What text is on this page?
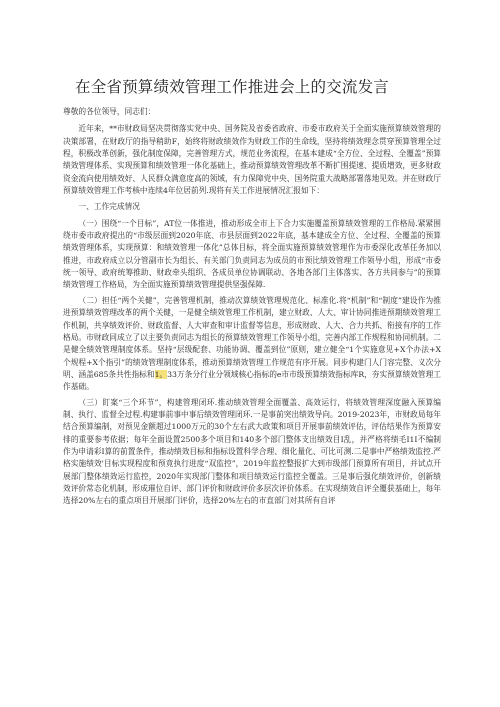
在全省预算绩效管理工作推进会上的交流发言

尊敬的各位领导，同志们：

近年来，**市财政局坚决贯彻落实党中央、国务院及省委省政府、市委市政府关于全面实施预算绩效管理的决策部署，在财政厅的指导稍助F，始终将财政绩效作为财政工作的生命线，坚持将绩效理念贯穿预算管理全过程，积极改革创新，强化制度保障，完善管理方式，规范业务流程，在基本建成“全方位、全过程、全覆盖”预算绩效管理体系、实现预算和绩效管理一体化基础上，推动预算绩效管理改革不断扩围提速、提质增效，更多财政资金流向使用绩效好、人民群众满意度高的领域，有力保障党中央、国务院重大战略部署落地见效。并在财政厅预算绩效管理工作考核中连续4年位居前列.现将有关工作进展情况汇报如下：

一、工作完成情况

（一）围绕“一个目标”，AT位一体推进，推动形成全市上下合力实施覆盖预算绩效管理的工作格局.紧紧围绕市委市政府提出的“市级层面到2020年底、市县层面到2022年底，基本建成全方位、全过程、全覆盖的预算绩效管理体系，实现预算：和绩效管理一体化”总体目标，将全面实施预算绩效管理作为市委深化改革任务加以推进，市政府成立以分管副市长为组长、有关部门负责同志为成员的市预比绩效管理工作领导小组，形成“市委统一领导、政府统筹推助、财政牵头组织、各成员单位协调联动、各地各部门主体落实、各方共同参与”的预算绩效管理工作格局，为全面实施预算绩效管理提供坚强保障.

（二）担任“两个关健”，完善管理机制，推动次算绩效管理规范化、标准化.将“机制”和“制度”建设作为推进预算绩效管理改革的两个关健，一是健全绩效管理工作机制，建立财政、人大、审计协同推进预期绩效管理工作机制，共享绩效评价、财政监督、人大审查和审计监督等信息，形成财政、人大、合力共抓、衔接有序的工作格局。市财政同成立了以主要负责同志为组长的预算绩效管理工作领导小组，完善内部工作规程和协同机制。二是健全绩效管理制度体系。坚持“层级配套、功能协调、覆盖到位”原则，建立健全“1个实施意见+X个办法+X个规程+X个指引”的绩效管理制度体系，推动预算绩效管理工作规范有序开展。同步构建门人门容完整、义次分明、涵盖685条共性指标和1。33万条分行业分领域核心指标的e市市级预算绩效指标库R，夯实预算绩效管理工作基础。

（三）盯案“三个环节”，构建管理闭环.推动绩效管理全面覆盖、高效运行，将绩效管理深度融入预算编制、执行、监督全过程.构建事前事中事后绩效管理闭环.一是事前突出绩效导向。2019-2023年，市财政局每年结合预算编制，对预见金额超过1000万元的30个左右武大政策和项目开展事前绩效评估，评估结果作为预算安排的重要参考依据；每年全面设置2500多个项目和140多个部门整体支出绩效目I乱，并严格将绩毛I1I不编制作为申请彩I算的前置条件，推动绩效目标和指标设置科学合理、细化量化、可比可测.二是事中严格绩效监控.严格实施绩效'目标实现程度和预竟执行进度“双监控”，2019年监控整报扩大到市级部门预算所有项目，并试点开展部门整体绩效运行监控，2020年实现部门整体和项目绩效运行监控全覆盖。三是事后强化绩效评价，创新绩效评价常态化机制，形成璀位自评、部门评价和财政评价多层次评价体系。在实现绩效自评全覆获基础上，每年选择20%左右的重点项目开展部门评价，选择20%左右的市直部门对其所有自评
